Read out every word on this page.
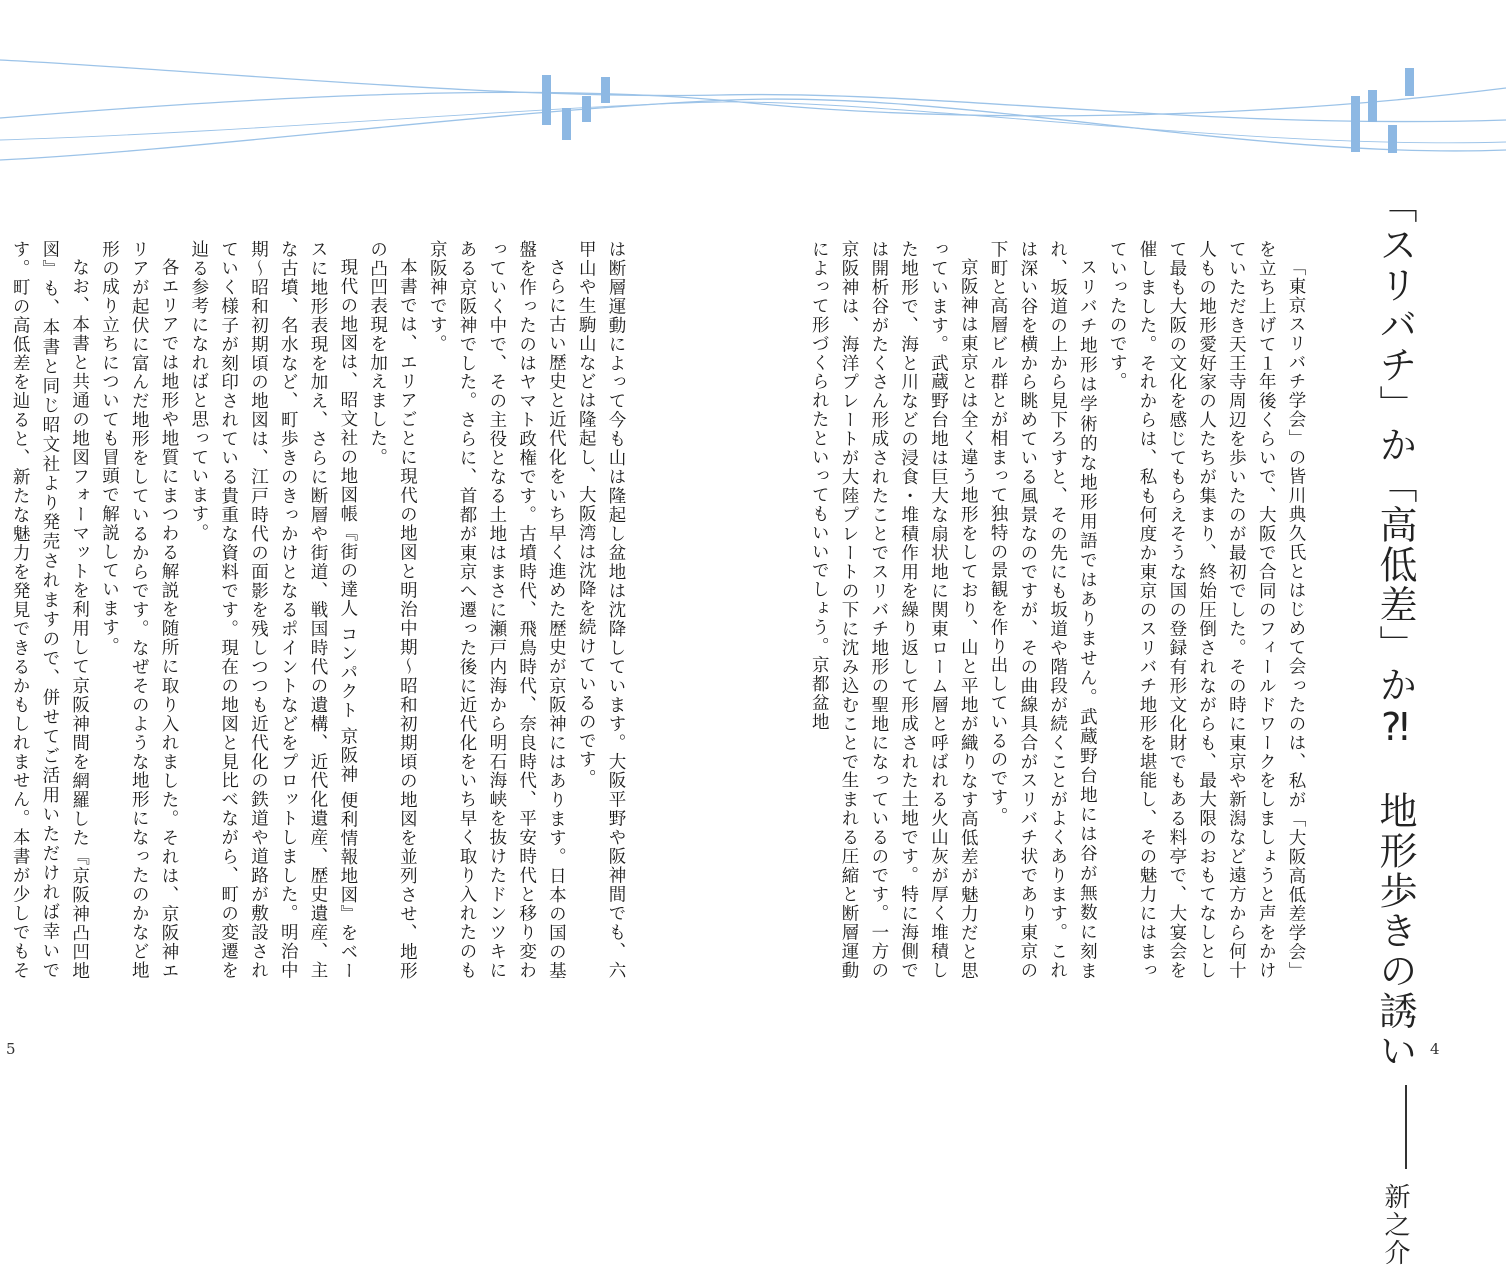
「スリバチ」か「高低差」か⁈　地形歩きの誘い新之介

「東京スリバチ学会」の皆川典久氏とはじめて会ったのは、私が「大阪高低差学会」を立ち上げて１年後くらいで、大阪で合同のフィールドワークをしましょうと声をかけていただき天王寺周辺を歩いたのが最初でした。その時に東京や新潟など遠方から何十人もの地形愛好家の人たちが集まり、終始圧倒されながらも、最大限のおもてなしとして最も大阪の文化を感じてもらえそうな国の登録有形文化財でもある料亭で、大宴会を催しました。それからは、私も何度か東京のスリバチ地形を堪能し、その魅力にはまっていったのです。

スリバチ地形は学術的な地形用語ではありません。武蔵野台地には谷が無数に刻まれ、坂道の上から見下ろすと、その先にも坂道や階段が続くことがよくあります。これは深い谷を横から眺めている風景なのですが、その曲線具合がスリバチ状であり東京の下町と高層ビル群とが相まって独特の景観を作り出しているのです。

京阪神は東京とは全く違う地形をしており、山と平地が織りなす高低差が魅力だと思っています。武蔵野台地は巨大な扇状地に関東ローム層と呼ばれる火山灰が厚く堆積した地形で、海と川などの浸食・堆積作用を繰り返して形成された土地です。特に海側では開析谷がたくさん形成されたことでスリバチ地形の聖地になっているのです。一方の京阪神は、海洋プレートが大陸プレートの下に沈み込むことで生まれる圧縮と断層運動によって形づくられたといってもいいでしょう。京都盆地

は断層運動によって今も山は隆起し盆地は沈降しています。大阪平野や阪神間でも、六甲山や生駒山などは隆起し、大阪湾は沈降を続けているのです。

さらに古い歴史と近代化をいち早く進めた歴史が京阪神にはあります。日本の国の基盤を作ったのはヤマト政権です。古墳時代、飛鳥時代、奈良時代、平安時代と移り変わっていく中で、その主役となる土地はまさに瀬戸内海から明石海峡を抜けたドンツキにある京阪神でした。さらに、首都が東京へ遷った後に近代化をいち早く取り入れたのも京阪神です。

本書では、エリアごとに現代の地図と明治中期～昭和初期頃の地図を並列させ、地形の凸凹表現を加えました。

現代の地図は、昭文社の地図帳『街の達人 コンパクト 京阪神 便利情報地図』をベースに地形表現を加え、さらに断層や街道、戦国時代の遺構、近代化遺産、歴史遺産、主な古墳、名水など、町歩きのきっかけとなるポイントなどをプロットしました。明治中期～昭和初期頃の地図は、江戸時代の面影を残しつつも近代化の鉄道や道路が敷設されていく様子が刻印されている貴重な資料です。現在の地図と見比べながら、町の変遷を辿る参考になればと思っています。

各エリアでは地形や地質にまつわる解説を随所に取り入れました。それは、京阪神エリアが起伏に富んだ地形をしているからです。なぜそのような地形になったのかなど地形の成り立ちについても冒頭で解説しています。

なお、本書と共通の地図フォーマットを利用して京阪神間を網羅した『京阪神凸凹地図』も、本書と同じ昭文社より発売されますので、併せてご活用いただければ幸いです。町の高低差を辿ると、新たな魅力を発見できるかもしれません。本書が少しでもそ

5	4
